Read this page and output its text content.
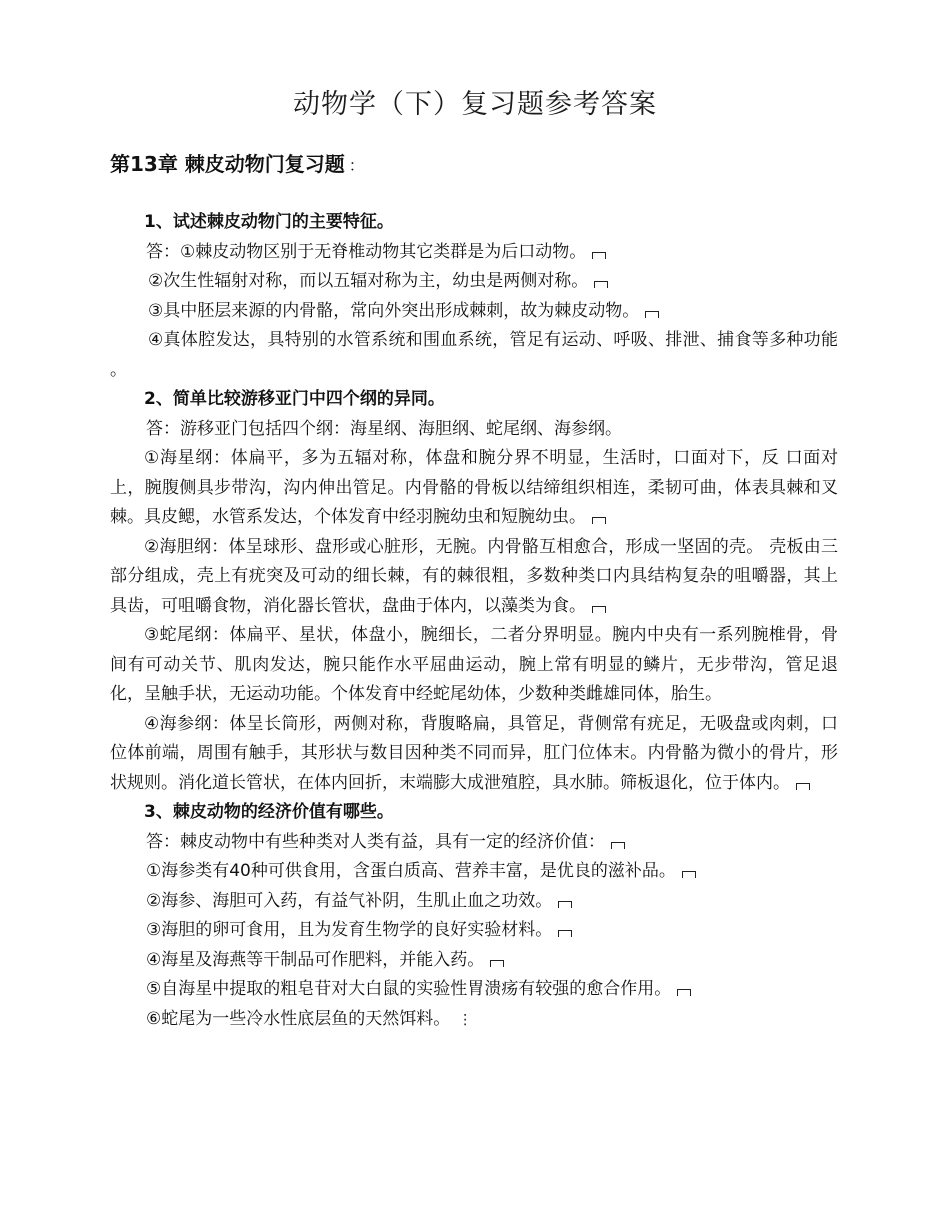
动物学（下）复习题参考答案
第13章 棘皮动物门复习题 ：

1、试述棘皮动物门的主要特征。

答：①棘皮动物区别于无脊椎动物其它类群是为后口动物。

②次生性辐射对称，而以五辐对称为主，幼虫是两侧对称。

③具中胚层来源的内骨骼，常向外突出形成棘刺，故为棘皮动物。

④真体腔发达，具特别的水管系统和围血系统，管足有运动、呼吸、排泄、捕食等多种功能 。

2、简单比较游移亚门中四个纲的异同。

答：游移亚门包括四个纲：海星纲、海胆纲、蛇尾纲、海参纲。

①海星纲：体扁平，多为五辐对称，体盘和腕分界不明显，生活时，口面对下，反 口面对上，腕腹侧具步带沟，沟内伸出管足。内骨骼的骨板以结缔组织相连，柔韧可曲，体表具棘和叉棘。具皮鳃，水管系发达，个体发育中经羽腕幼虫和短腕幼虫。

②海胆纲：体呈球形、盘形或心脏形，无腕。内骨骼互相愈合，形成一坚固的壳。 壳板由三部分组成，壳上有疣突及可动的细长棘，有的棘很粗，多数种类口内具结构复杂的咀嚼器，其上具齿，可咀嚼食物，消化器长管状，盘曲于体内，以藻类为食。

③蛇尾纲：体扁平、星状，体盘小，腕细长，二者分界明显。腕内中央有一系列腕椎骨，骨间有可动关节、肌肉发达，腕只能作水平屈曲运动，腕上常有明显的鳞片，无步带沟，管足退化，呈触手状，无运动功能。个体发育中经蛇尾幼体，少数种类雌雄同体，胎生。

④海参纲：体呈长筒形，两侧对称，背腹略扁，具管足，背侧常有疣足，无吸盘或肉刺，口位体前端，周围有触手，其形状与数目因种类不同而异，肛门位体末。内骨骼为微小的骨片，形状规则。消化道长管状，在体内回折，末端膨大成泄殖腔，具水肺。筛板退化，位于体内。

3、棘皮动物的经济价值有哪些。

答：棘皮动物中有些种类对人类有益，具有一定的经济价值：

①海参类有40种可供食用，含蛋白质高、营养丰富，是优良的滋补品。

②海参、海胆可入药，有益气补阴，生肌止血之功效。

③海胆的卵可食用，且为发育生物学的良好实验材料。

④海星及海燕等干制品可作肥料，并能入药。

⑤自海星中提取的粗皂苷对大白鼠的实验性胃溃疡有较强的愈合作用。

⑥蛇尾为一些冷水性底层鱼的天然饵料。 ⋮
